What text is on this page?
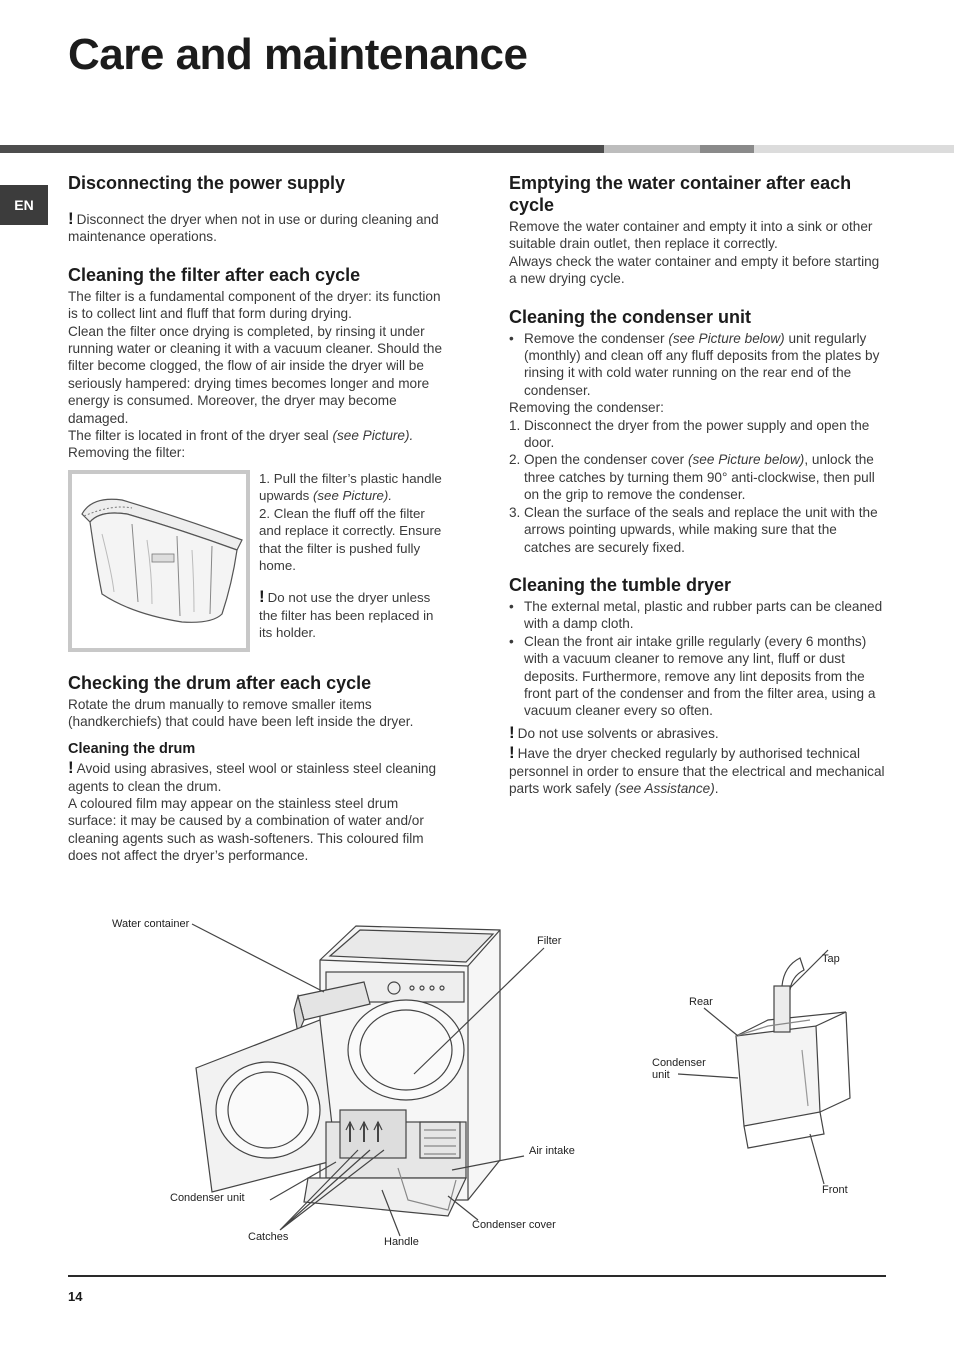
Care and maintenance
EN
Disconnecting the power supply

! Disconnect the dryer when not in use or during cleaning and maintenance operations.

Cleaning the filter after each cycle

The filter is a fundamental component of the dryer: its function is to collect lint and fluff that form during drying.

Clean the filter once drying is completed, by rinsing it under running water or cleaning it with a vacuum cleaner. Should the filter become clogged, the flow of air inside the dryer will be seriously hampered: drying times becomes longer and more energy is consumed. Moreover, the dryer may become damaged.

The filter is located in front of the dryer seal (see Picture).

Removing the filter:

1. Pull the filter’s plastic handle upwards (see Picture).

2. Clean the fluff off the filter and replace it correctly. Ensure that the filter is pushed fully home.

! Do not use the dryer unless the filter has been replaced in its holder.

Checking the drum after each cycle

Rotate the drum manually to remove smaller items (handkerchiefs) that could have been left inside the dryer.

Cleaning the drum

! Avoid using abrasives, steel wool or stainless steel cleaning agents to clean the drum.

A coloured film may appear on the stainless steel drum surface: it may be caused by a combination of water and/or cleaning agents such as wash-softeners. This coloured film does not affect the dryer’s performance.

Emptying the water container after each cycle

Remove the water container and empty it into a sink or other suitable drain outlet, then replace it correctly.

Always check the water container and empty it before starting a new drying cycle.

Cleaning the condenser unit
• Remove the condenser (see Picture below) unit regularly (monthly) and clean off any fluff deposits from the plates by rinsing it with cold water running on the rear end of the condenser.

Removing the condenser:

1. Disconnect the dryer from the power supply and open the door.
2. Open the condenser cover (see Picture below), unlock the three catches by turning them 90° anti-clockwise, then pull on the grip to remove the condenser.
3. Clean the surface of the seals and replace the unit with the arrows pointing upwards, while making sure that the catches are securely fixed.
Cleaning the tumble dryer
• The external metal, plastic and rubber parts can be cleaned with a damp cloth.
• Clean the front air intake grille regularly (every 6 months) with a vacuum cleaner to remove any lint, fluff or dust deposits. Furthermore, remove any lint deposits from the front part of the condenser and from the filter area, using a vacuum cleaner every so often.

! Do not use solvents or abrasives.

! Have the dryer checked regularly by authorised technical personnel in order to ensure that the electrical and mechanical parts work safely (see Assistance).

Water container
Filter
Air intake
Condenser unit
Catches	Handle
Condenser cover
Tap
Rear
Condenser
unit
Front
14
